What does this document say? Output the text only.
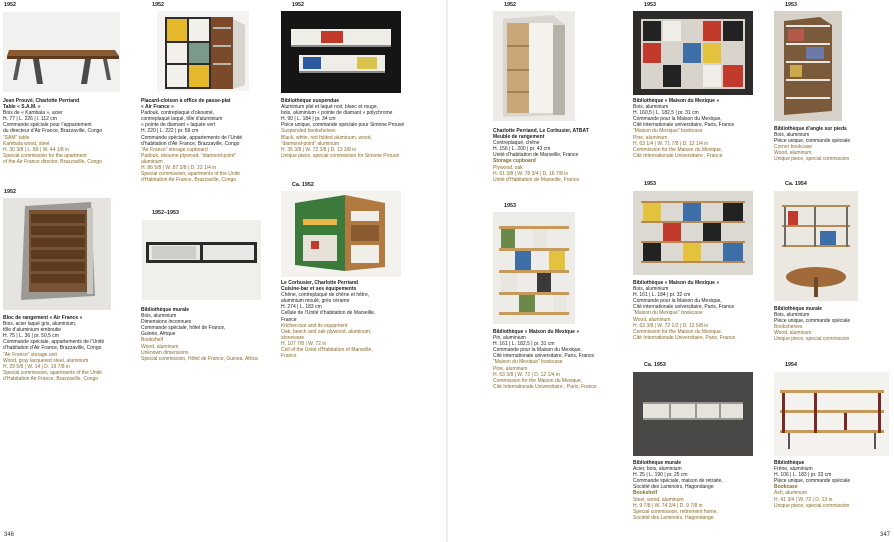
1952
Jean Prouvé, Charlotte Perriand
Table « S.A.M. »
Bois de « Kambala », acier
H. 77 | L. 226 | l. 112 cm
Commande spéciale pour l’appartement
du directeur d’Air France, Brazzaville, Congo
“SAM” table
Kambala wood, steel
H. 30 3/8 | L. 89 | W. 44 1/8 in
Special commission for the apartment
of the Air France director, Brazzaville, Congo
1952
Bloc de rangement « Air France »
Bois, acier laqué gris, aluminium,
tôle d’aluminium emboutie
H. 75 | L. 36 | pr. 50,5 cm
Commande spéciale, appartements de l’Unité
d’habitation d’Air France, Brazzaville, Congo
“Air France” storage unit
Wood, gray lacquered steel, aluminum
H. 29 5/8 | W. 14 | D. 19 7/8 in
Special commission, apartments of the Unité
d’Habitation Air France, Brazzaville, Congo
1952
Placard-cloison à office de passe-plat
« Air France »
Padouk, contreplaqué d’okoumé,
contreplaqué laqué, tôle d’aluminium
« pointe de diamant » laquée vert
H. 220 | L. 222 | pr. 59 cm
Commande spéciale, appartements de l’Unité
d’habitation d’Air France, Brazzaville, Congo
“Air France” storage cupboard
Padouk, okoume plywood, “diamond-point”
aluminum
H. 86 5/8 | W. 87 3/8 | D. 23 1/4 in
Special commission, apartments of the Unité
d’Habitation Air France, Brazzaville, Congo
1952–1953
Bibliothèque murale
Bois, aluminium
Dimensions inconnues
Commande spéciale, hôtel de France,
Guinée, Afrique
Bookshelf
Wood, aluminum
Unknown dimensions
Special commission, Hôtel de France, Guinea, Africa
1952
Bibliothèque suspendue
Aluminium plié et laqué noir, blanc et rouge,
bois, aluminium « pointe de diamant » polychrome
H. 90 | L. 184 | pr. 34 cm
Pièce unique, commande spéciale pour Simone Prouvé
Suspended bookshelves
Black, white, red folded aluminum, wood,
“diamond-point” aluminum
H. 35 3/8 | W. 72 3/8 | D. 13 3/8 in
Unique piece, special commission for Simone Prouvé
Ca. 1952
Le Corbusier, Charlotte Perriand
Cuisine-bar et ses équipements
Chêne, contreplaqué de chêne et hêtre,
aluminium moulé, grès cérame
H. 274 | L. 183 cm
Cellule de l’Unité d’habitation de Marseille,
France
Kitchen-bar and its equipment
Oak, beech and oak plywood, aluminum,
stoneware
H. 107 7/8 | W. 72 in
Cell of the Unité d’Habitation of Marseille,
France
1952
Charlotte Perriand, Le Corbusier, ATBAT
Meuble de rangement
Contreplaqué, chêne
H. 156 | L. 200 | pr. 43 cm
Unité d’habitation de Marseille, France
Storage cupboard
Plywood, oak
H. 61 3/8 | W. 78 3/4 | D. 16 7/8 in
Unité d’Habitation de Marseille, France
1953
Bibliothèque « Maison du Mexique »
Pin, aluminium
H. 161 | L. 182,5 | pr. 31 cm
Commande pour la Maison du Mexique,
Cité internationale universitaire, Paris, France
“Maison du Mexique” bookcase
Pine, aluminum
H. 63 3/8 | W. 72 | D. 12 1/4 in
Commission for the Maison du Mexique,
Cité Internationale Universitaire , Paris, France
1953
Bibliothèque « Maison du Mexique »
Bois, aluminium
H. 160,5 | L. 182,5 | pr. 31 cm
Commande pour la Maison du Mexique,
Cité internationale universitaire, Paris, France
“Maison du Mexique” bookcase
Pine, aluminum
H. 63 1/4 | W. 71 7/8 | D. 12 1/4 in
Commission for the Maison du Mexique,
Cité Internationale Universitaire , France
1953
Bibliothèque « Maison du Mexique »
Bois, aluminium
H. 161 | L. 184 | pr. 32 cm
Commande pour la Maison du Mexique,
Cité internationale universitaire, Paris, France
“Maison du Mexique” bookcase
Wood, aluminum
H. 63 3/8 | W. 72 1/2 | D. 12 5/8 in
Commission for the Maison du Mexique,
Cité Internationale Universitaire, Paris, France
Ca. 1953
Bibliothèque murale
Acier, bois, aluminium
H. 25 | L. 190 | pr. 25 cm
Commande spéciale, maison de retraite,
Société des Laminoirs, Hagondange
Bookshelf
Steel, wood, aluminum
H. 9 7/8 | W. 74 3/4 | D. 9 7/8 in
Special commission, retirement home,
Société des Laminoirs, Hagondange
1953
Bibliothèque d’angle sur pieds
Bois, aluminium
Pièce unique, commande spéciale
Corner bookcase
Wood, aluminum
Unique piece, special commission
Ca. 1954
Bibliothèque murale
Bois, aluminium
Pièce unique, commande spéciale
Bookshelves
Wood, aluminum
Unique piece, special commission
1954
Bibliothèque
Frêne, aluminium
H. 106 | L. 183 | pr. 33 cm
Pièce unique, commande spéciale
Bookcase
Ash, aluminum
H. 41 3/4 | W. 72 | D. 13 in
Unique piece, special commission
346	347
